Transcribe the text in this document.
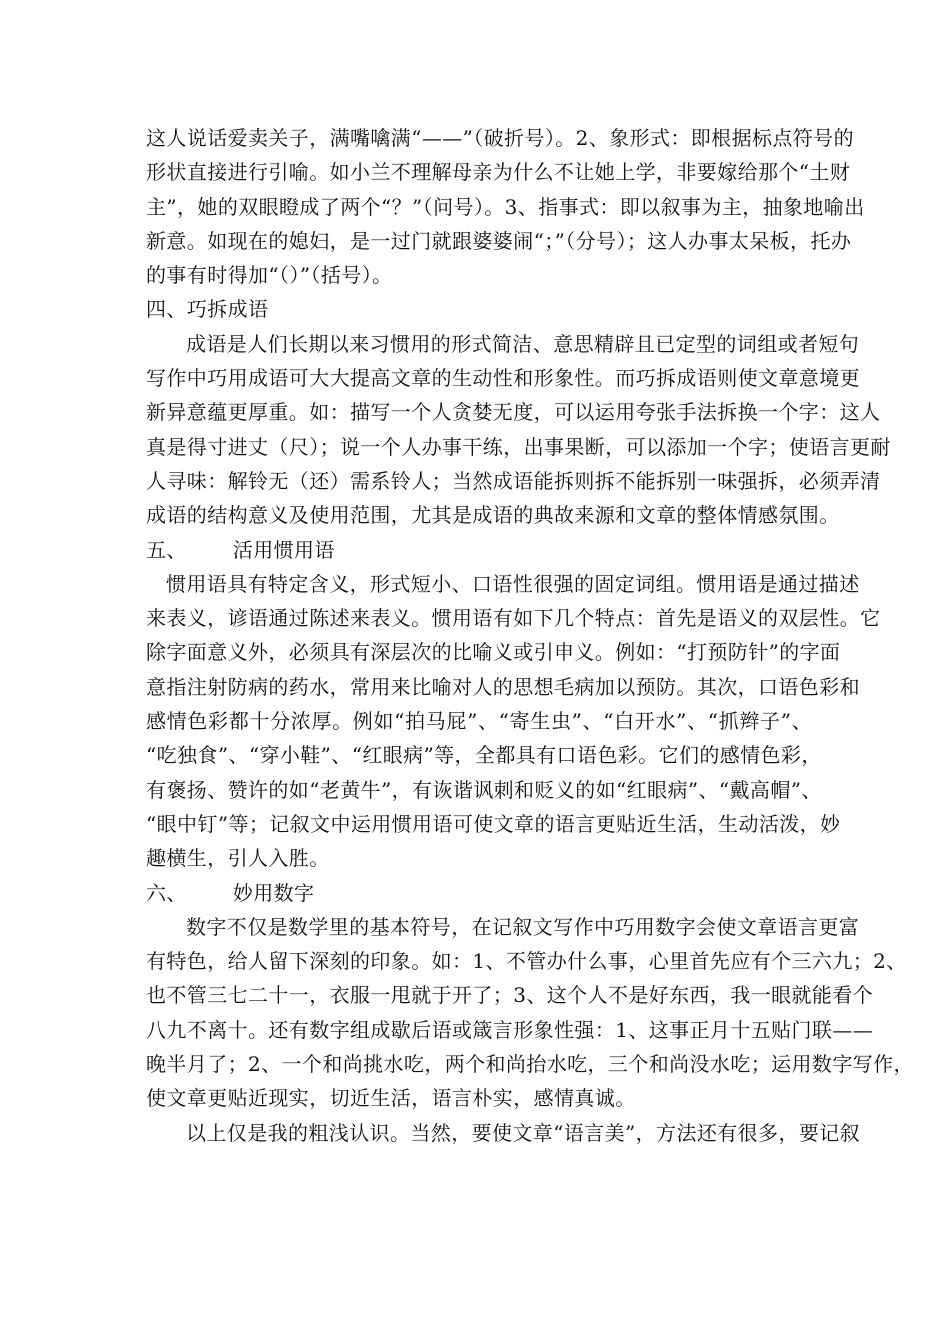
这人说话爱卖关子，满嘴噙满“——”（破折号）。2、象形式：即根据标点符号的
形状直接进行引喻。如小兰不理解母亲为什么不让她上学，非要嫁给那个“土财
主”，她的双眼瞪成了两个“？”（问号）。3、指事式：即以叙事为主，抽象地喻出
新意。如现在的媳妇，是一过门就跟婆婆闹“；”（分号）；这人办事太呆板，托办
的事有时得加“（）”（括号）。
四、巧拆成语
成语是人们长期以来习惯用的形式简洁、意思精辟且已定型的词组或者短句
写作中巧用成语可大大提高文章的生动性和形象性。而巧拆成语则使文章意境更
新异意蕴更厚重。如：描写一个人贪婪无度，可以运用夸张手法拆换一个字：这人
真是得寸进丈（尺）；说一个人办事干练，出事果断，可以添加一个字；使语言更耐
人寻味：解铃无（还）需系铃人；当然成语能拆则拆不能拆别一味强拆，必须弄清
成语的结构意义及使用范围，尤其是成语的典故来源和文章的整体情感氛围。
五、 活用惯用语
惯用语具有特定含义，形式短小、口语性很强的固定词组。惯用语是通过描述
来表义，谚语通过陈述来表义。惯用语有如下几个特点：首先是语义的双层性。它
除字面意义外，必须具有深层次的比喻义或引申义。例如：“打预防针”的字面
意指注射防病的药水，常用来比喻对人的思想毛病加以预防。其次，口语色彩和
感情色彩都十分浓厚。例如“拍马屁”、“寄生虫”、“白开水”、“抓辫子”、
“吃独食”、“穿小鞋”、“红眼病”等，全都具有口语色彩。它们的感情色彩，
有褒扬、赞许的如“老黄牛”，有诙谐讽刺和贬义的如“红眼病”、“戴高帽”、
“眼中钉”等；记叙文中运用惯用语可使文章的语言更贴近生活，生动活泼，妙
趣横生，引人入胜。
六、 妙用数字
数字不仅是数学里的基本符号，在记叙文写作中巧用数字会使文章语言更富
有特色，给人留下深刻的印象。如：1、不管办什么事，心里首先应有个三六九；2、
也不管三七二十一，衣服一甩就于开了；3、这个人不是好东西，我一眼就能看个
八九不离十。还有数字组成歇后语或箴言形象性强：1、这事正月十五贴门联——
晚半月了；2、一个和尚挑水吃，两个和尚抬水吃，三个和尚没水吃；运用数字写作，
使文章更贴近现实，切近生活，语言朴实，感情真诚。
以上仅是我的粗浅认识。当然，要使文章“语言美”，方法还有很多，要记叙
